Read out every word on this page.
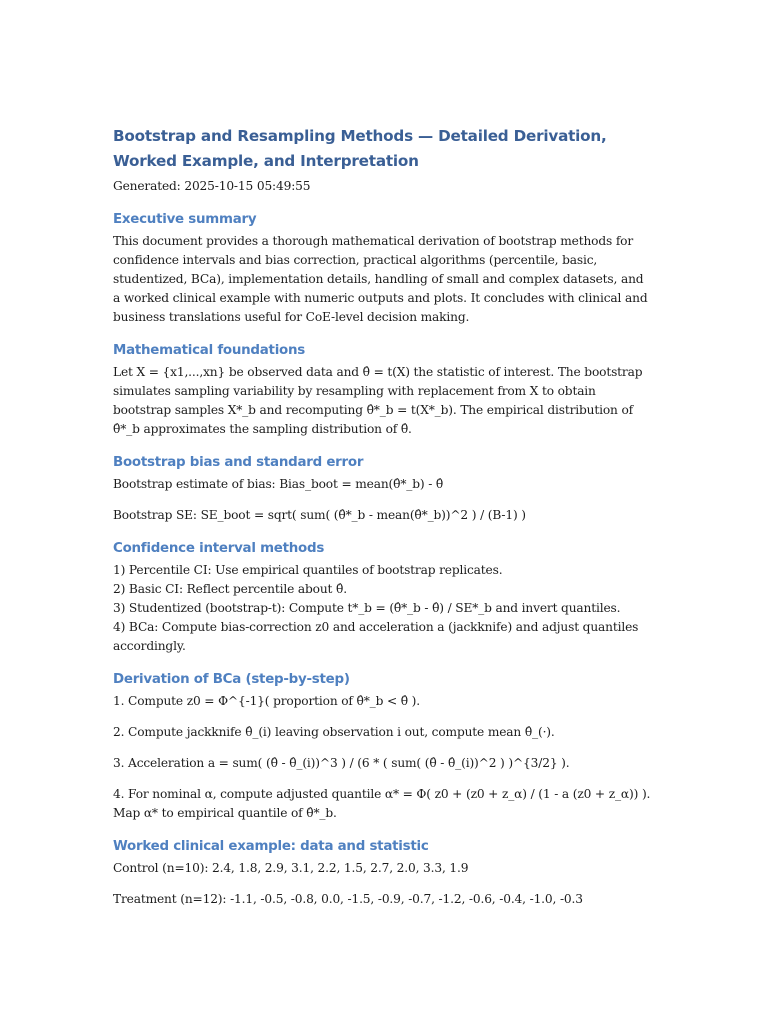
Bootstrap and Resampling Methods — Detailed Derivation, Worked Example, and Interpretation

Generated: 2025-10-15 05:49:55

Executive summary

This document provides a thorough mathematical derivation of bootstrap methods for confidence intervals and bias correction, practical algorithms (percentile, basic, studentized, BCa), implementation details, handling of small and complex datasets, and a worked clinical example with numeric outputs and plots. It concludes with clinical and business translations useful for CoE-level decision making.

Mathematical foundations

Let X = {x1,...,xn} be observed data and θ̂ = t(X) the statistic of interest. The bootstrap simulates sampling variability by resampling with replacement from X to obtain bootstrap samples X*_b and recomputing θ̂*_b = t(X*_b). The empirical distribution of θ̂*_b approximates the sampling distribution of θ̂.

Bootstrap bias and standard error

Bootstrap estimate of bias: Bias_boot = mean(θ̂*_b) - θ̂

Bootstrap SE: SE_boot = sqrt( sum( (θ̂*_b - mean(θ̂*_b))^2 ) / (B-1) )

Confidence interval methods

1) Percentile CI: Use empirical quantiles of bootstrap replicates.
2) Basic CI: Reflect percentile about θ̂.
3) Studentized (bootstrap-t): Compute t*_b = (θ̂*_b - θ̂) / SE*_b and invert quantiles.
4) BCa: Compute bias-correction z0 and acceleration a (jackknife) and adjust quantiles accordingly.

Derivation of BCa (step-by-step)

1. Compute z0 = Φ^{-1}( proportion of θ̂*_b < θ̂ ).

2. Compute jackknife θ̂_(i) leaving observation i out, compute mean θ̂_(·).

3. Acceleration a = sum( (θ̂ - θ̂_(i))^3 ) / (6 * ( sum( (θ̂ - θ̂_(i))^2 ) )^{3/2} ).

4. For nominal α, compute adjusted quantile α* = Φ( z0 + (z0 + z_α) / (1 - a (z0 + z_α)) ). Map α* to empirical quantile of θ̂*_b.

Worked clinical example: data and statistic

Control (n=10): 2.4, 1.8, 2.9, 3.1, 2.2, 1.5, 2.7, 2.0, 3.3, 1.9

Treatment (n=12): -1.1, -0.5, -0.8, 0.0, -1.5, -0.9, -0.7, -1.2, -0.6, -0.4, -1.0, -0.3
